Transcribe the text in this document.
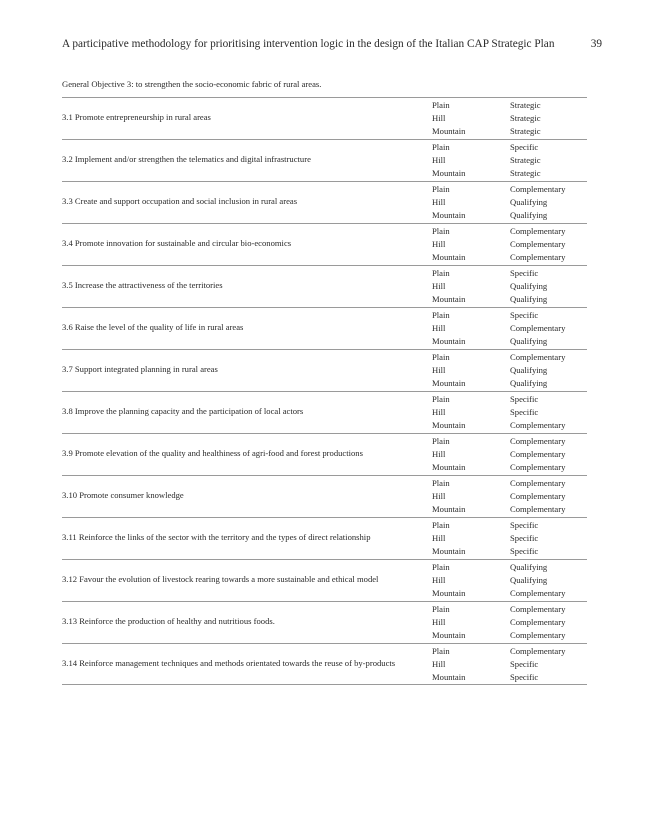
A participative methodology for prioritising intervention logic in the design of the Italian CAP Strategic Plan	39
General Objective 3: to strengthen the socio-economic fabric of rural areas.
3.1 Promote entrepreneurship in rural areas
Plain	Strategic
Hill	Strategic
Mountain	Strategic
3.2 Implement and/or strengthen the telematics and digital infrastructure
Plain	Specific
Hill	Strategic
Mountain	Strategic
3.3 Create and support occupation and social inclusion in rural areas
Plain	Complementary
Hill	Qualifying
Mountain	Qualifying
3.4 Promote innovation for sustainable and circular bio-economics
Plain	Complementary
Hill	Complementary
Mountain	Complementary
3.5 Increase the attractiveness of the territories
Plain	Specific
Hill	Qualifying
Mountain	Qualifying
3.6 Raise the level of the quality of life in rural areas
Plain	Specific
Hill	Complementary
Mountain	Qualifying
3.7 Support integrated planning in rural areas
Plain	Complementary
Hill	Qualifying
Mountain	Qualifying
3.8 Improve the planning capacity and the participation of local actors
Plain	Specific
Hill	Specific
Mountain	Complementary
3.9 Promote elevation of the quality and healthiness of agri-food and forest productions
Plain	Complementary
Hill	Complementary
Mountain	Complementary
3.10 Promote consumer knowledge
Plain	Complementary
Hill	Complementary
Mountain	Complementary
3.11 Reinforce the links of the sector with the territory and the types of direct relationship
Plain	Specific
Hill	Specific
Mountain	Specific
3.12 Favour the evolution of livestock rearing towards a more sustainable and ethical model
Plain	Qualifying
Hill	Qualifying
Mountain	Complementary
3.13 Reinforce the production of healthy and nutritious foods.
Plain	Complementary
Hill	Complementary
Mountain	Complementary
3.14 Reinforce management techniques and methods orientated towards the reuse of by-products
Plain	Complementary
Hill	Specific
Mountain	Specific
